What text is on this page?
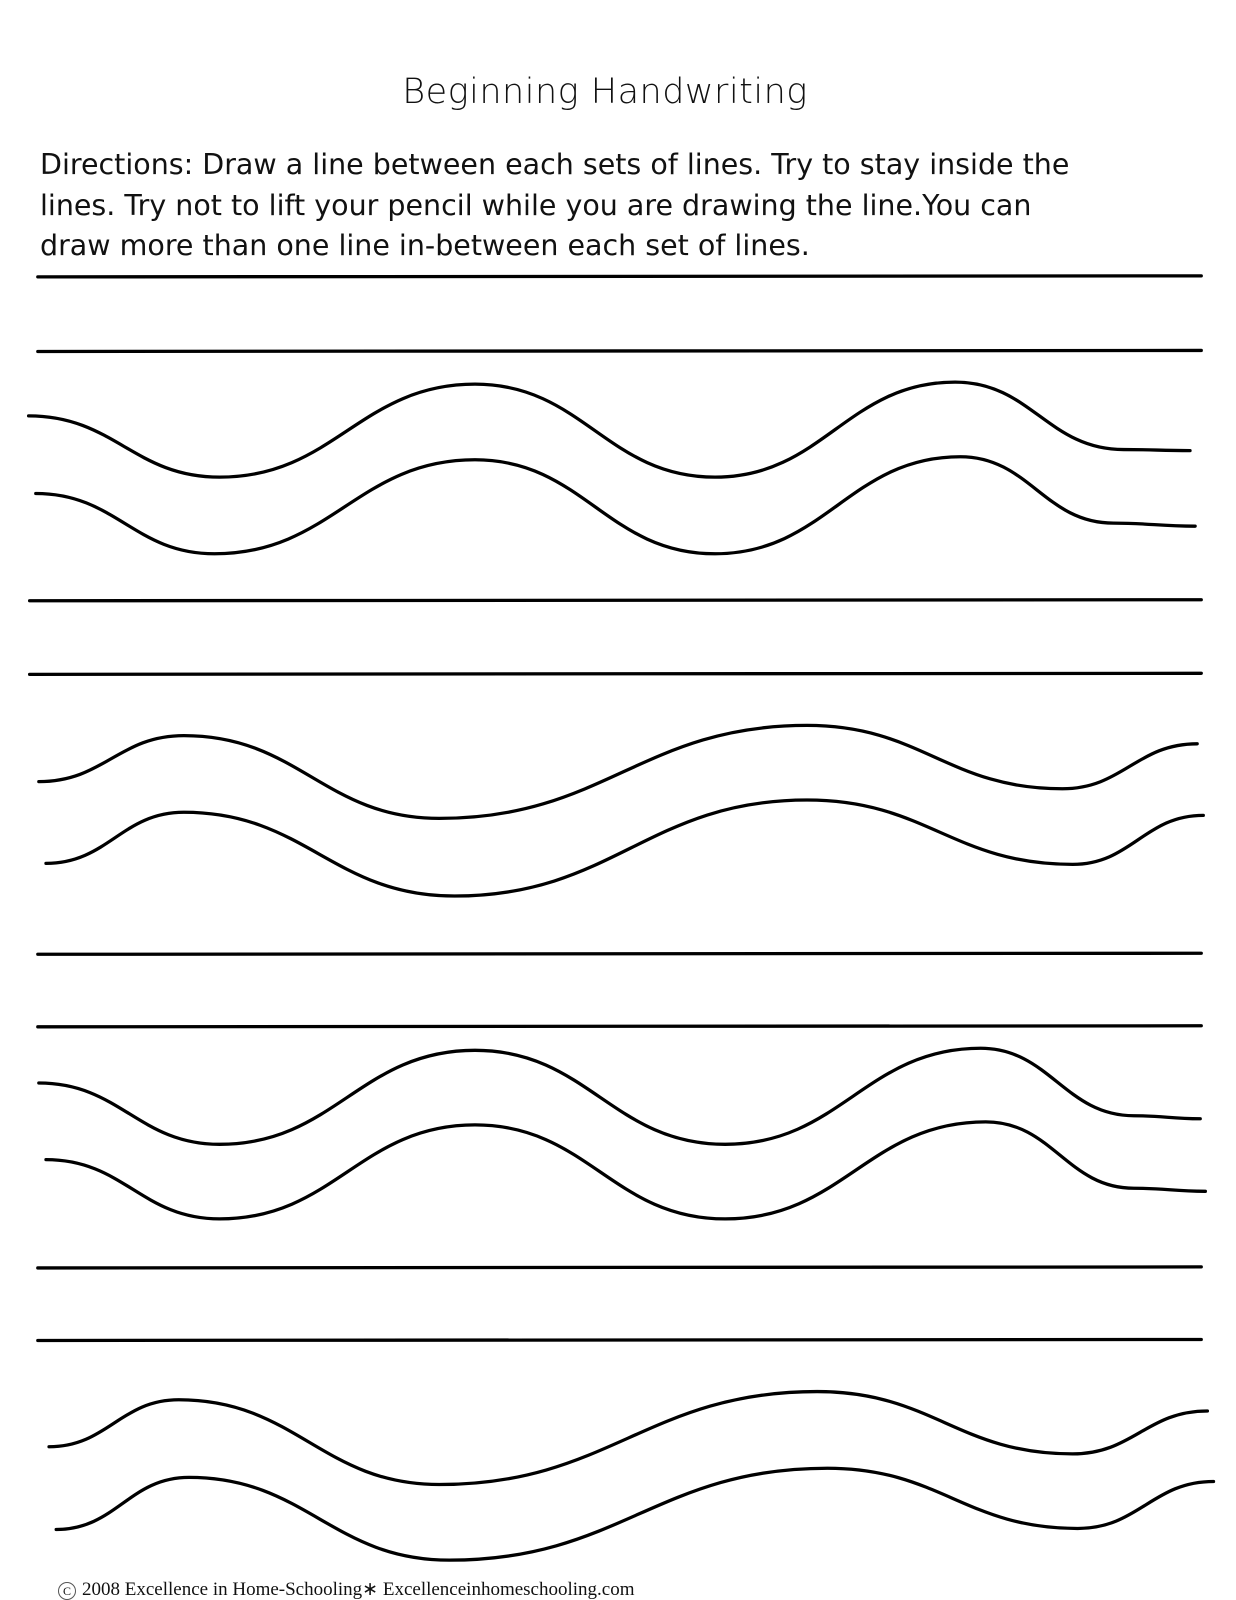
Beginning Handwriting
Directions: Draw a line between each sets of lines. Try to stay inside the
lines. Try not to lift your pencil while you are drawing the line.You can
draw more than one line in-between each set of lines.
C 2008 Excellence in Home-Schooling∗ Excellenceinhomeschooling.com
